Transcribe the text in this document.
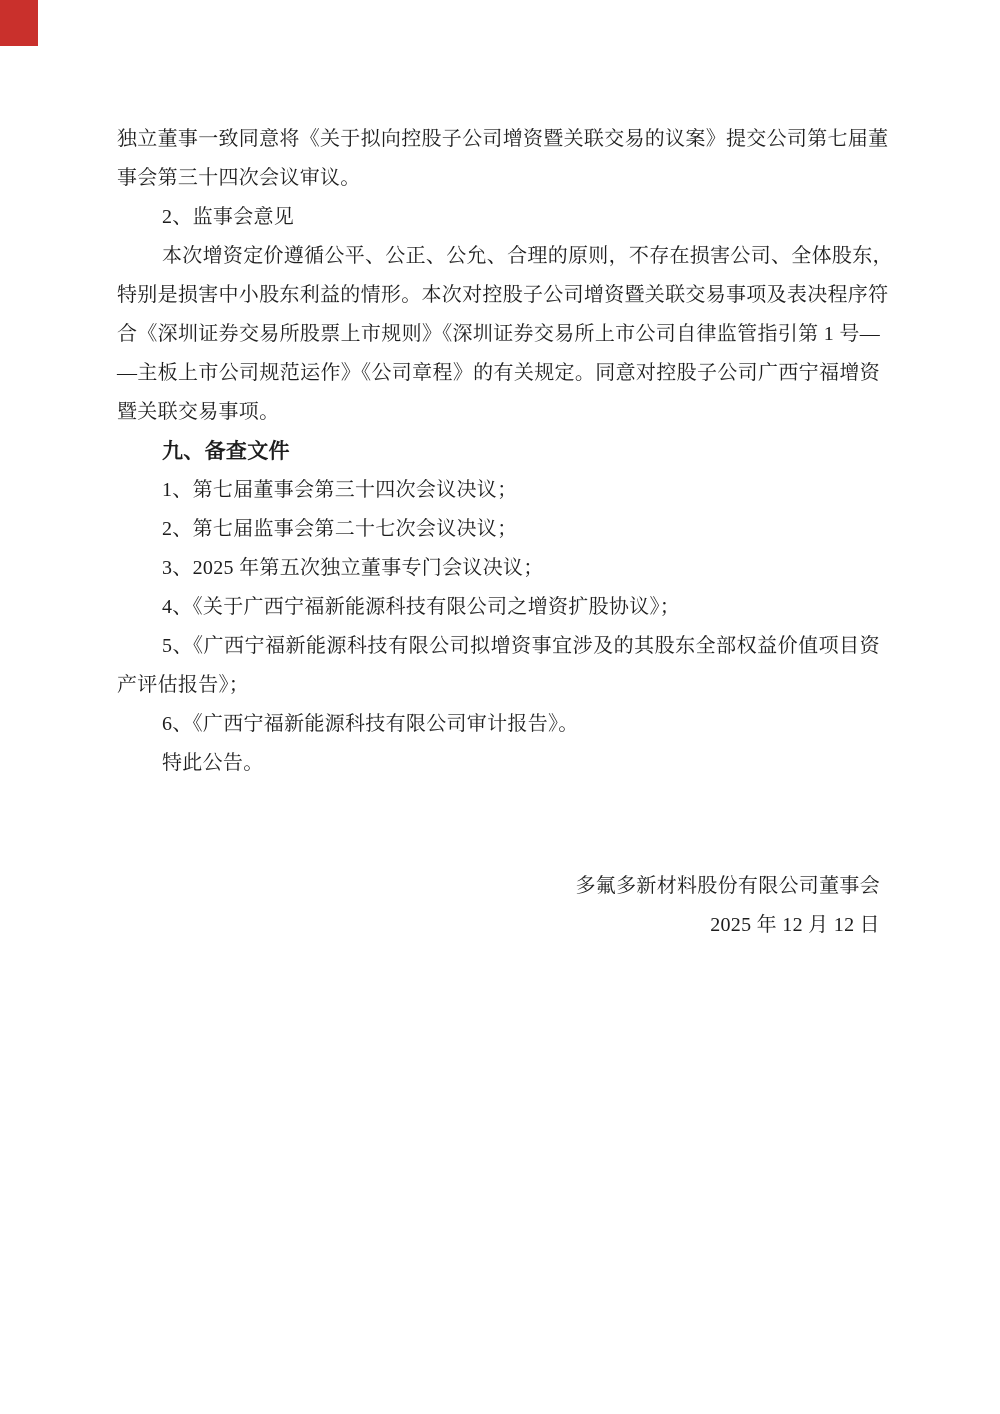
独立董事一致同意将《关于拟向控股子公司增资暨关联交易的议案》提交公司第七届董
事会第三十四次会议审议。
2、监事会意见
本次增资定价遵循公平、公正、公允、合理的原则，不存在损害公司、全体股东，
特别是损害中小股东利益的情形。本次对控股子公司增资暨关联交易事项及表决程序符
合《深圳证券交易所股票上市规则》《深圳证券交易所上市公司自律监管指引第 1 号—
—主板上市公司规范运作》《公司章程》的有关规定。同意对控股子公司广西宁福增资
暨关联交易事项。
九、备查文件
1、第七届董事会第三十四次会议决议；
2、第七届监事会第二十七次会议决议；
3、2025 年第五次独立董事专门会议决议；
4、《关于广西宁福新能源科技有限公司之增资扩股协议》；
5、《广西宁福新能源科技有限公司拟增资事宜涉及的其股东全部权益价值项目资
产评估报告》；
6、《广西宁福新能源科技有限公司审计报告》。
特此公告。
多氟多新材料股份有限公司董事会
2025 年 12 月 12 日
